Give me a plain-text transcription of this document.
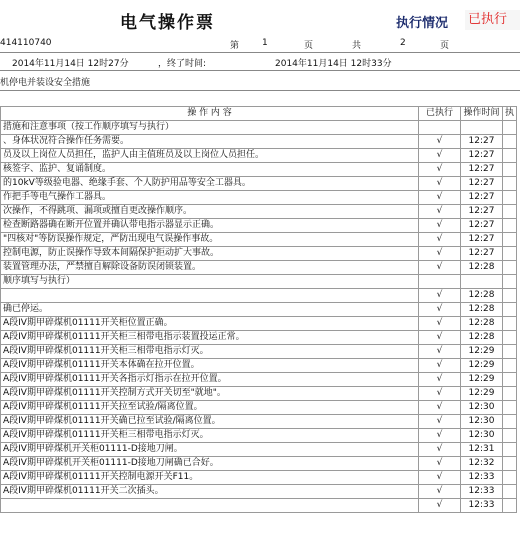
电气操作票	执行情况 已执行
414110740	第	1	页	共	2	页
2014年11月14日 12时27分	，终了时间:	2014年11月14日 12时33分
机停电并装设安全措施
操 作 内 容	已执行	操作时间	执
措施和注意事项（按工作顺序填写与执行）			
、身体状况符合操作任务需要。	√	12:27	
员及以上岗位人员担任，监护人由主值班员及以上岗位人员担任。	√	12:27	
核签字、监护、复诵制度。	√	12:27	
的10kV等级验电器、绝缘手套、个人防护用品等安全工器具。	√	12:27	
作把手等电气操作工器具。	√	12:27	
次操作，不得跳项、漏项或擅自更改操作顺序。	√	12:27	
检查断路器确在断开位置并确认带电指示器显示正确。	√	12:27	
"四核对"等防误操作规定，严防出现电气误操作事故。	√	12:27	
控制电源，防止误操作导致本间隔保护拒动扩大事故。	√	12:27	
装置管理办法，严禁擅自解除设备防误闭锁装置。	√	12:28	
顺序填写与执行）			
	√	12:28	
确已停运。	√	12:28	
A段IV期甲碎煤机01111开关柜位置正确。	√	12:28	
A段IV期甲碎煤机01111开关柜三相带电指示装置投运正常。	√	12:28	
A段IV期甲碎煤机01111开关柜三相带电指示灯灭。	√	12:29	
A段IV期甲碎煤机01111开关本体确在拉开位置。	√	12:29	
A段IV期甲碎煤机01111开关各指示灯指示在拉开位置。	√	12:29	
A段IV期甲碎煤机01111开关控制方式开关切至"就地"。	√	12:29	
A段IV期甲碎煤机01111开关拉至试验/隔离位置。	√	12:30	
A段IV期甲碎煤机01111开关确已拉至试验/隔离位置。	√	12:30	
A段IV期甲碎煤机01111开关柜三相带电指示灯灭。	√	12:30	
A段IV期甲碎煤机开关柜01111-D接地刀闸。	√	12:31	
A段IV期甲碎煤机开关柜01111-D接地刀闸确已合好。	√	12:32	
A段IV期甲碎煤机01111开关控制电源开关F11。	√	12:33	
A段IV期甲碎煤机01111开关二次插头。	√	12:33	
	√	12:33	
